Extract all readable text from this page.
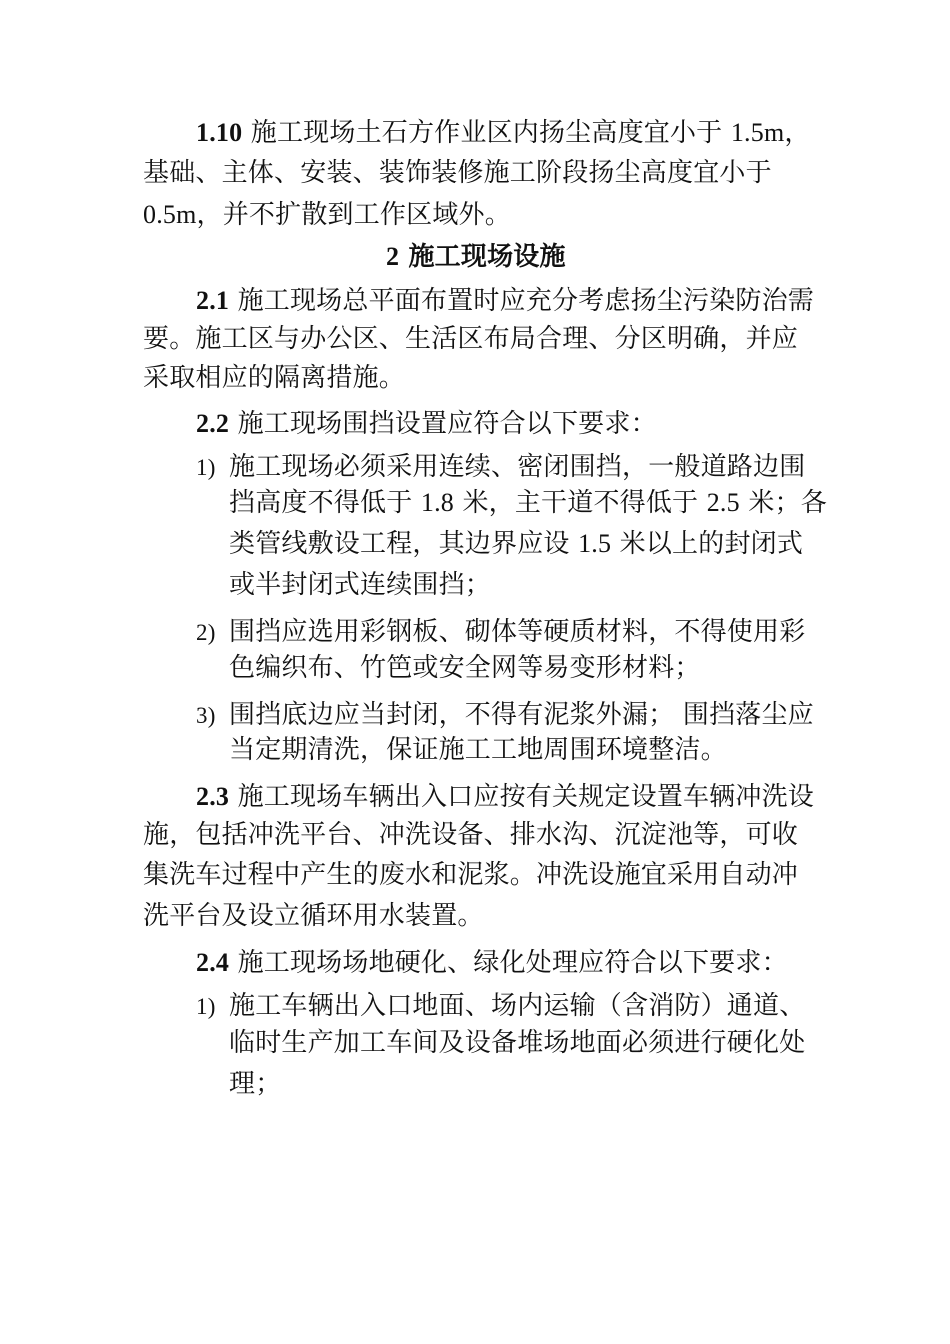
1.10 施工现场土石方作业区内扬尘高度宜小于 1.5m，
基础、主体、安装、装饰装修施工阶段扬尘高度宜小于
0.5m，并不扩散到工作区域外。
2 施工现场设施
2.1 施工现场总平面布置时应充分考虑扬尘污染防治需
要。施工区与办公区、生活区布局合理、分区明确，并应
采取相应的隔离措施。
2.2 施工现场围挡设置应符合以下要求：
1) 施工现场必须采用连续、密闭围挡，一般道路边围
挡高度不得低于 1.8 米，主干道不得低于 2.5 米；各
类管线敷设工程，其边界应设 1.5 米以上的封闭式
或半封闭式连续围挡；
2) 围挡应选用彩钢板、砌体等硬质材料，不得使用彩
色编织布、竹笆或安全网等易变形材料；
3) 围挡底边应当封闭，不得有泥浆外漏； 围挡落尘应
当定期清洗，保证施工工地周围环境整洁。
2.3 施工现场车辆出入口应按有关规定设置车辆冲洗设
施，包括冲洗平台、冲洗设备、排水沟、沉淀池等，可收
集洗车过程中产生的废水和泥浆。冲洗设施宜采用自动冲
洗平台及设立循环用水装置。
2.4 施工现场场地硬化、绿化处理应符合以下要求：
1) 施工车辆出入口地面、场内运输（含消防）通道、
临时生产加工车间及设备堆场地面必须进行硬化处
理；
